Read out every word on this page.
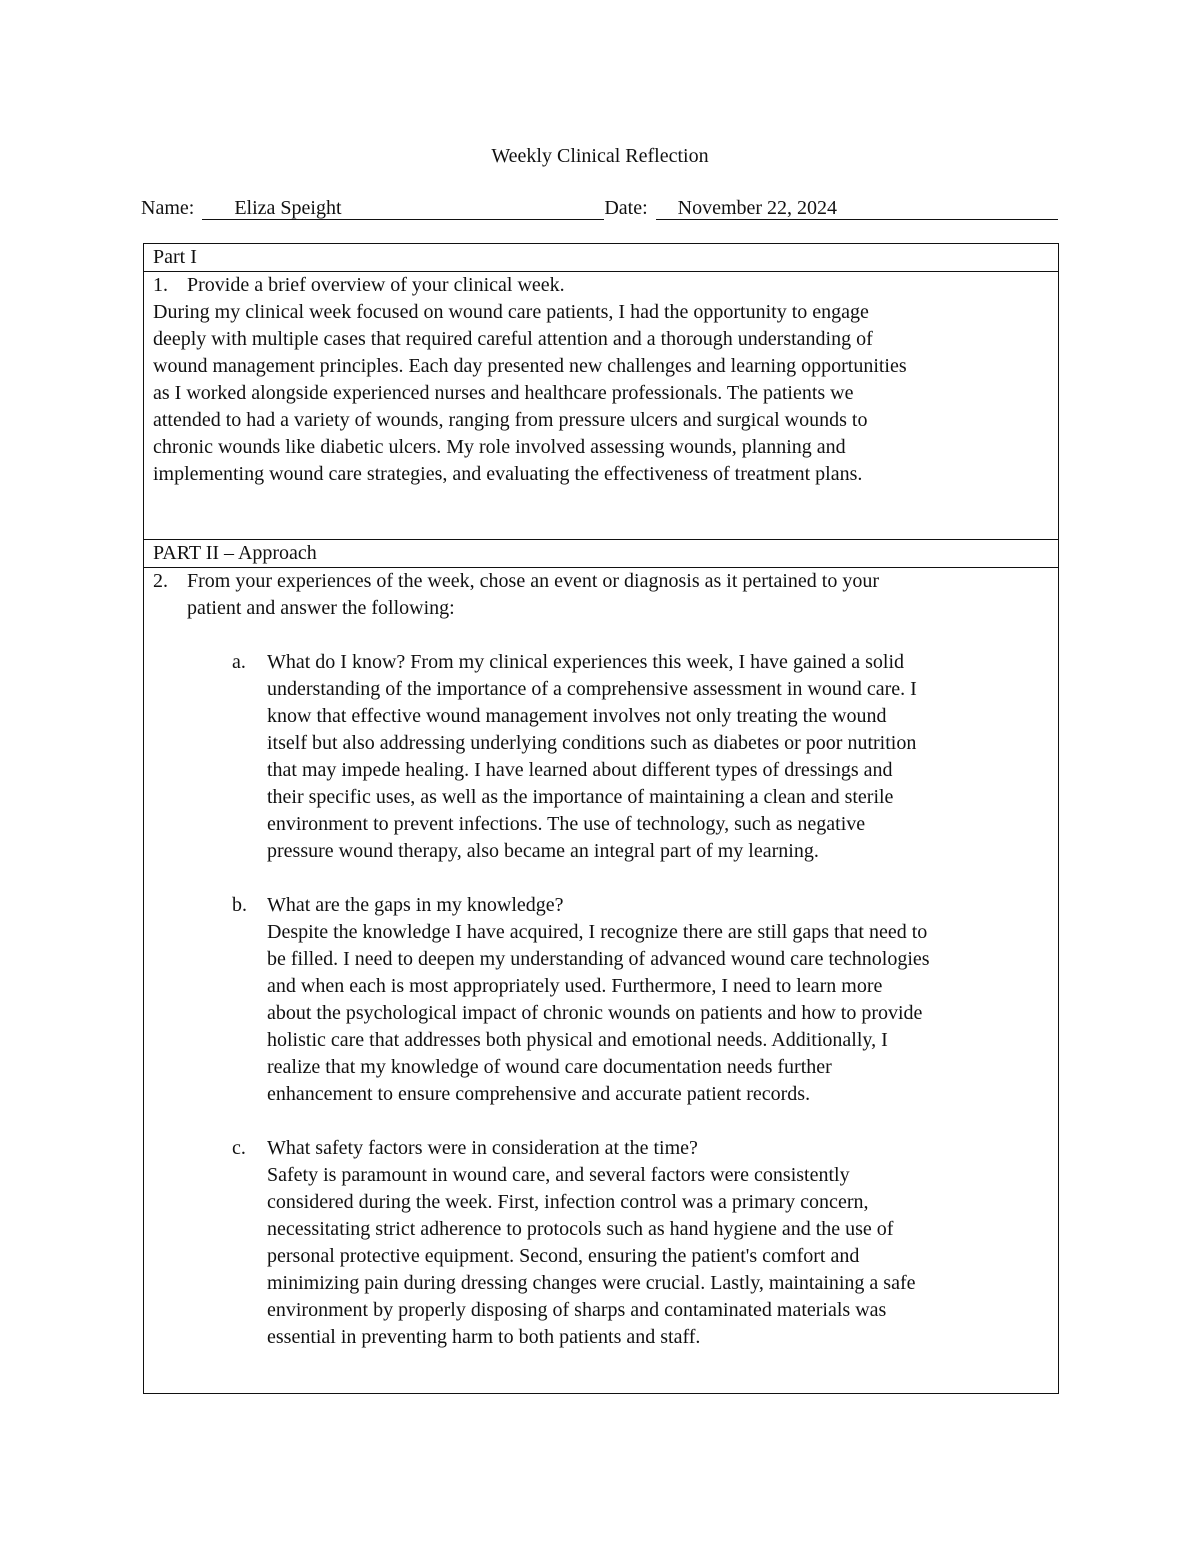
Weekly Clinical Reflection
Name: Eliza Speight	Date: November 22, 2024
Part I

1. Provide a brief overview of your clinical week.
During my clinical week focused on wound care patients, I had the opportunity to engage
deeply with multiple cases that required careful attention and a thorough understanding of
wound management principles. Each day presented new challenges and learning opportunities
as I worked alongside experienced nurses and healthcare professionals. The patients we
attended to had a variety of wounds, ranging from pressure ulcers and surgical wounds to
chronic wounds like diabetic ulcers. My role involved assessing wounds, planning and
implementing wound care strategies, and evaluating the effectiveness of treatment plans.

PART II – Approach

2. From your experiences of the week, chose an event or diagnosis as it pertained to your
patient and answer the following:
a.	What do I know? From my clinical experiences this week, I have gained a solid
understanding of the importance of a comprehensive assessment in wound care. I
know that effective wound management involves not only treating the wound
itself but also addressing underlying conditions such as diabetes or poor nutrition
that may impede healing. I have learned about different types of dressings and
their specific uses, as well as the importance of maintaining a clean and sterile
environment to prevent infections. The use of technology, such as negative
pressure wound therapy, also became an integral part of my learning.
b.	What are the gaps in my knowledge?
Despite the knowledge I have acquired, I recognize there are still gaps that need to
be filled. I need to deepen my understanding of advanced wound care technologies
and when each is most appropriately used. Furthermore, I need to learn more
about the psychological impact of chronic wounds on patients and how to provide
holistic care that addresses both physical and emotional needs. Additionally, I
realize that my knowledge of wound care documentation needs further
enhancement to ensure comprehensive and accurate patient records.
c.	What safety factors were in consideration at the time?
Safety is paramount in wound care, and several factors were consistently
considered during the week. First, infection control was a primary concern,
necessitating strict adherence to protocols such as hand hygiene and the use of
personal protective equipment. Second, ensuring the patient's comfort and
minimizing pain during dressing changes were crucial. Lastly, maintaining a safe
environment by properly disposing of sharps and contaminated materials was
essential in preventing harm to both patients and staff.
